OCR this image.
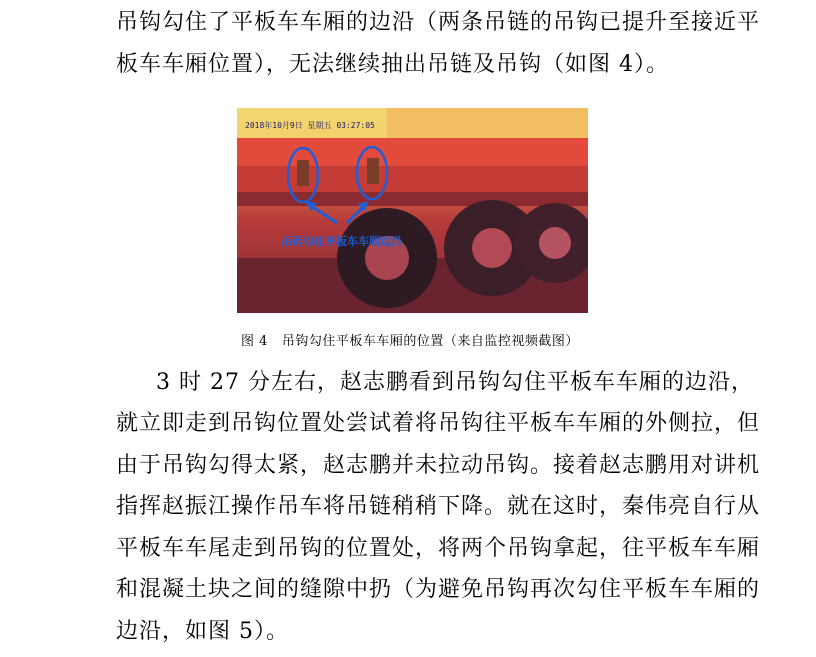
吊钩勾住了平板车车厢的边沿（两条吊链的吊钩已提升至接近平
板车车厢位置），无法继续抽出吊链及吊钩（如图 4）。
2018年10月9日 星期五 03:27:05
吊钩勾住平板车车厢边沿
图 4 吊钩勾住平板车车厢的位置（来自监控视频截图）
3 时 27 分左右，赵志鹏看到吊钩勾住平板车车厢的边沿，
就立即走到吊钩位置处尝试着将吊钩往平板车车厢的外侧拉，但
由于吊钩勾得太紧，赵志鹏并未拉动吊钩。接着赵志鹏用对讲机
指挥赵振江操作吊车将吊链稍稍下降。就在这时，秦伟亮自行从
平板车车尾走到吊钩的位置处，将两个吊钩拿起，往平板车车厢
和混凝土块之间的缝隙中扔（为避免吊钩再次勾住平板车车厢的
边沿，如图 5）。
